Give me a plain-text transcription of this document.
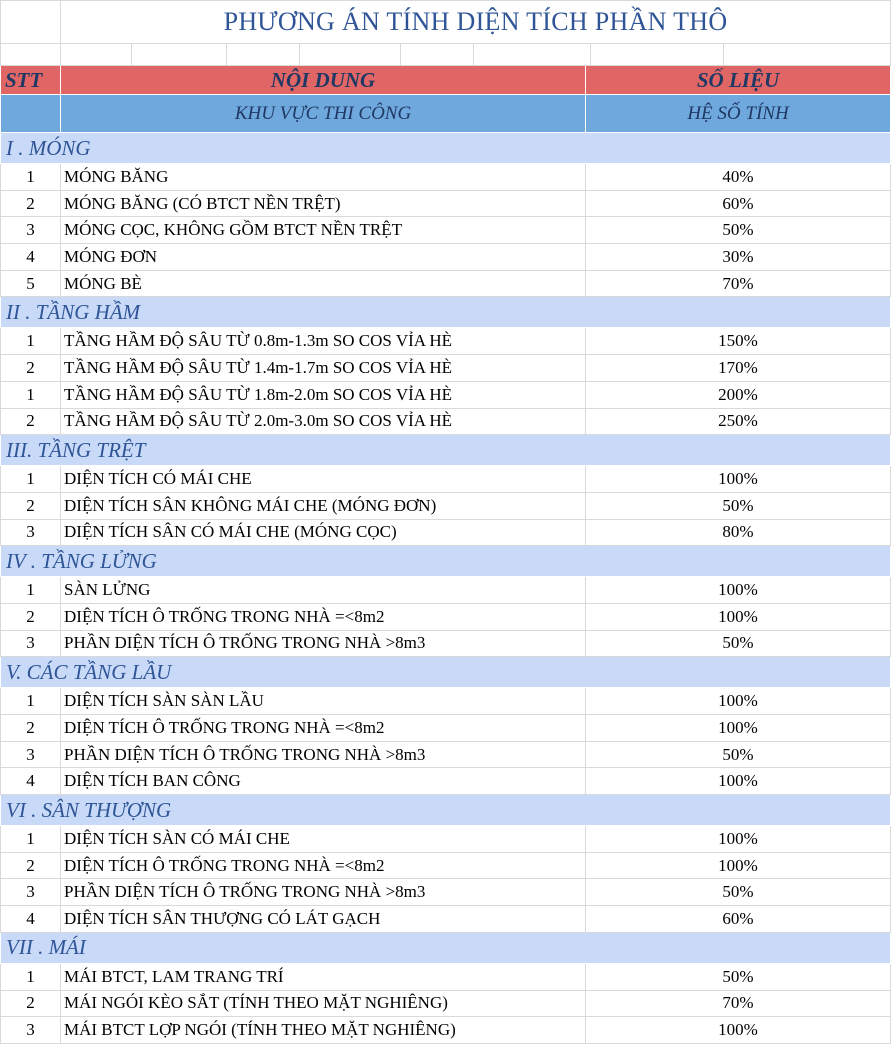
	PHƯƠNG ÁN TÍNH DIỆN TÍCH PHẦN THÔ	

STT	NỘI DUNG	SỐ LIỆU
	KHU VỰC THI CÔNG	HỆ SỐ TÍNH
I . MÓNG		
1	MÓNG BĂNG	40%
2	MÓNG BĂNG (CÓ BTCT NỀN TRỆT)	60%
3	MÓNG CỌC, KHÔNG GỒM BTCT NỀN TRỆT	50%
4	MÓNG ĐƠN	30%
5	MÓNG BÈ	70%
II . TẦNG HẦM		
1	TẦNG HẦM ĐỘ SÂU TỪ 0.8m-1.3m SO COS VỈA HÈ	150%
2	TẦNG HẦM ĐỘ SÂU TỪ 1.4m-1.7m SO COS VỈA HÈ	170%
1	TẦNG HẦM ĐỘ SÂU TỪ 1.8m-2.0m SO COS VỈA HÈ	200%
2	TẦNG HẦM ĐỘ SÂU TỪ 2.0m-3.0m SO COS VỈA HÈ	250%
III. TẦNG TRỆT		
1	DIỆN TÍCH CÓ MÁI CHE	100%
2	DIỆN TÍCH SÂN KHÔNG MÁI CHE (MÓNG ĐƠN)	50%
3	DIỆN TÍCH SÂN CÓ MÁI CHE (MÓNG CỌC)	80%
IV . TẦNG LỬNG		
1	SÀN LỬNG	100%
2	DIỆN TÍCH Ô TRỐNG TRONG NHÀ =<8m2	100%
3	PHẦN DIỆN TÍCH Ô TRỐNG TRONG NHÀ >8m3	50%
V. CÁC TẦNG LẦU		
1	DIỆN TÍCH SÀN SÀN LẦU	100%
2	DIỆN TÍCH Ô TRỐNG TRONG NHÀ =<8m2	100%
3	PHẦN DIỆN TÍCH Ô TRỐNG TRONG NHÀ >8m3	50%
4	DIỆN TÍCH BAN CÔNG	100%
VI . SÂN THƯỢNG		
1	DIỆN TÍCH SÀN CÓ MÁI CHE	100%
2	DIỆN TÍCH Ô TRỐNG TRONG NHÀ =<8m2	100%
3	PHẦN DIỆN TÍCH Ô TRỐNG TRONG NHÀ >8m3	50%
4	DIỆN TÍCH SÂN THƯỢNG CÓ LÁT GẠCH	60%
VII . MÁI		
1	MÁI BTCT, LAM TRANG TRÍ	50%
2	MÁI NGÓI KÈO SẮT (TÍNH THEO MẶT NGHIÊNG)	70%
3	MÁI BTCT LỢP NGÓI (TÍNH THEO MẶT NGHIÊNG)	100%
